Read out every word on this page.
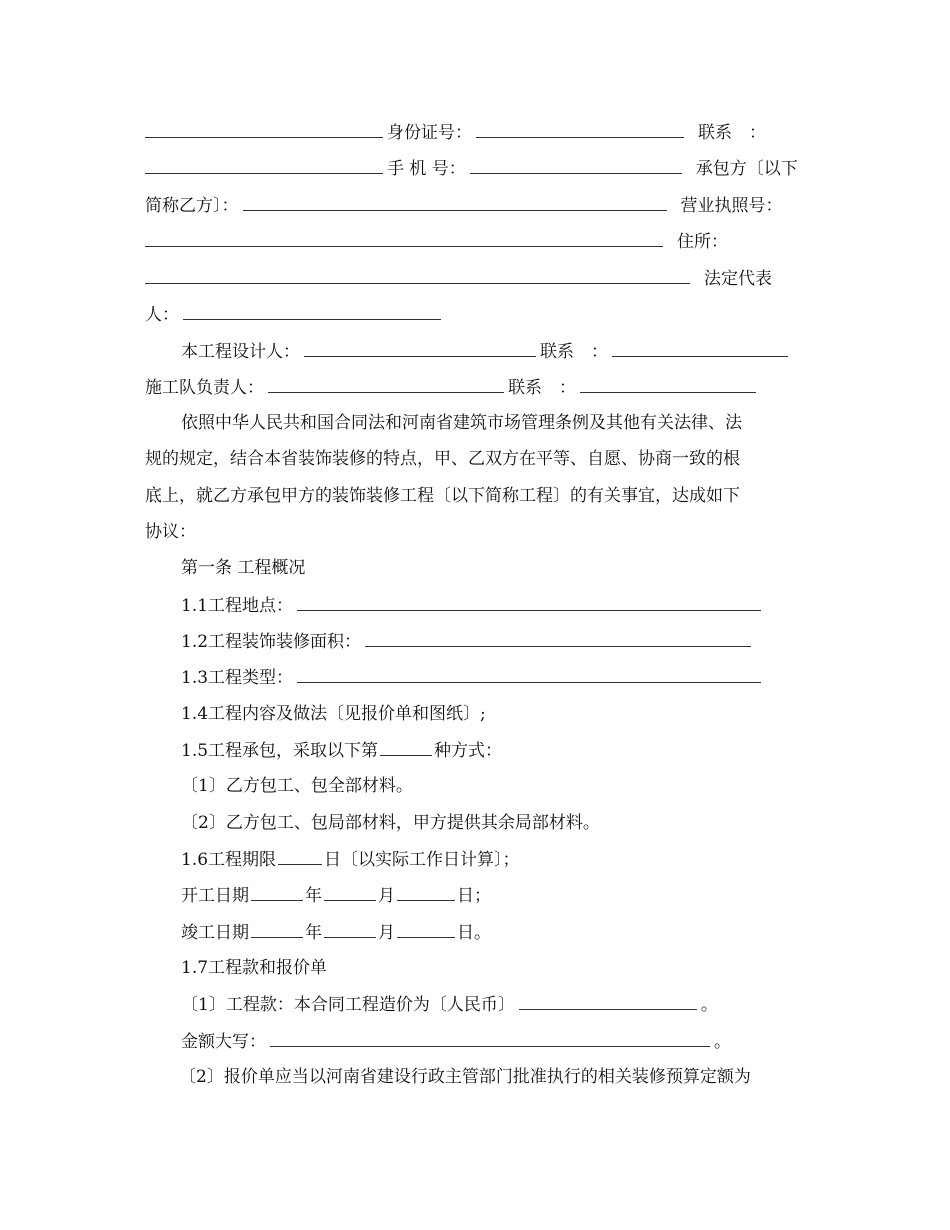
身份证号：	联系　：
手 机 号：	承包方〔以下
简称乙方〕：	营业执照号：
住所：
法定代表
人：
本工程设计人：	联系　：
施工队负责人：	联系　：
依照中华人民共和国合同法和河南省建筑市场管理条例及其他有关法律、法
规的规定，结合本省装饰装修的特点，甲、乙双方在平等、自愿、协商一致的根
底上，就乙方承包甲方的装饰装修工程〔以下简称工程〕的有关事宜，达成如下
协议：
第一条 工程概况
1.1工程地点：
1.2工程装饰装修面积：
1.3工程类型：
1.4工程内容及做法〔见报价单和图纸〕;
1.5工程承包，采取以下第	种方式：
〔1〕乙方包工、包全部材料。
〔2〕乙方包工、包局部材料，甲方提供其余局部材料。
1.6工程期限	日〔以实际工作日计算〕；
开工日期	年	月	日；
竣工日期	年	月	日。
1.7工程款和报价单
〔1〕工程款：本合同工程造价为〔人民币〕	。
金额大写：	。
〔2〕报价单应当以河南省建设行政主管部门批准执行的相关装修预算定额为
